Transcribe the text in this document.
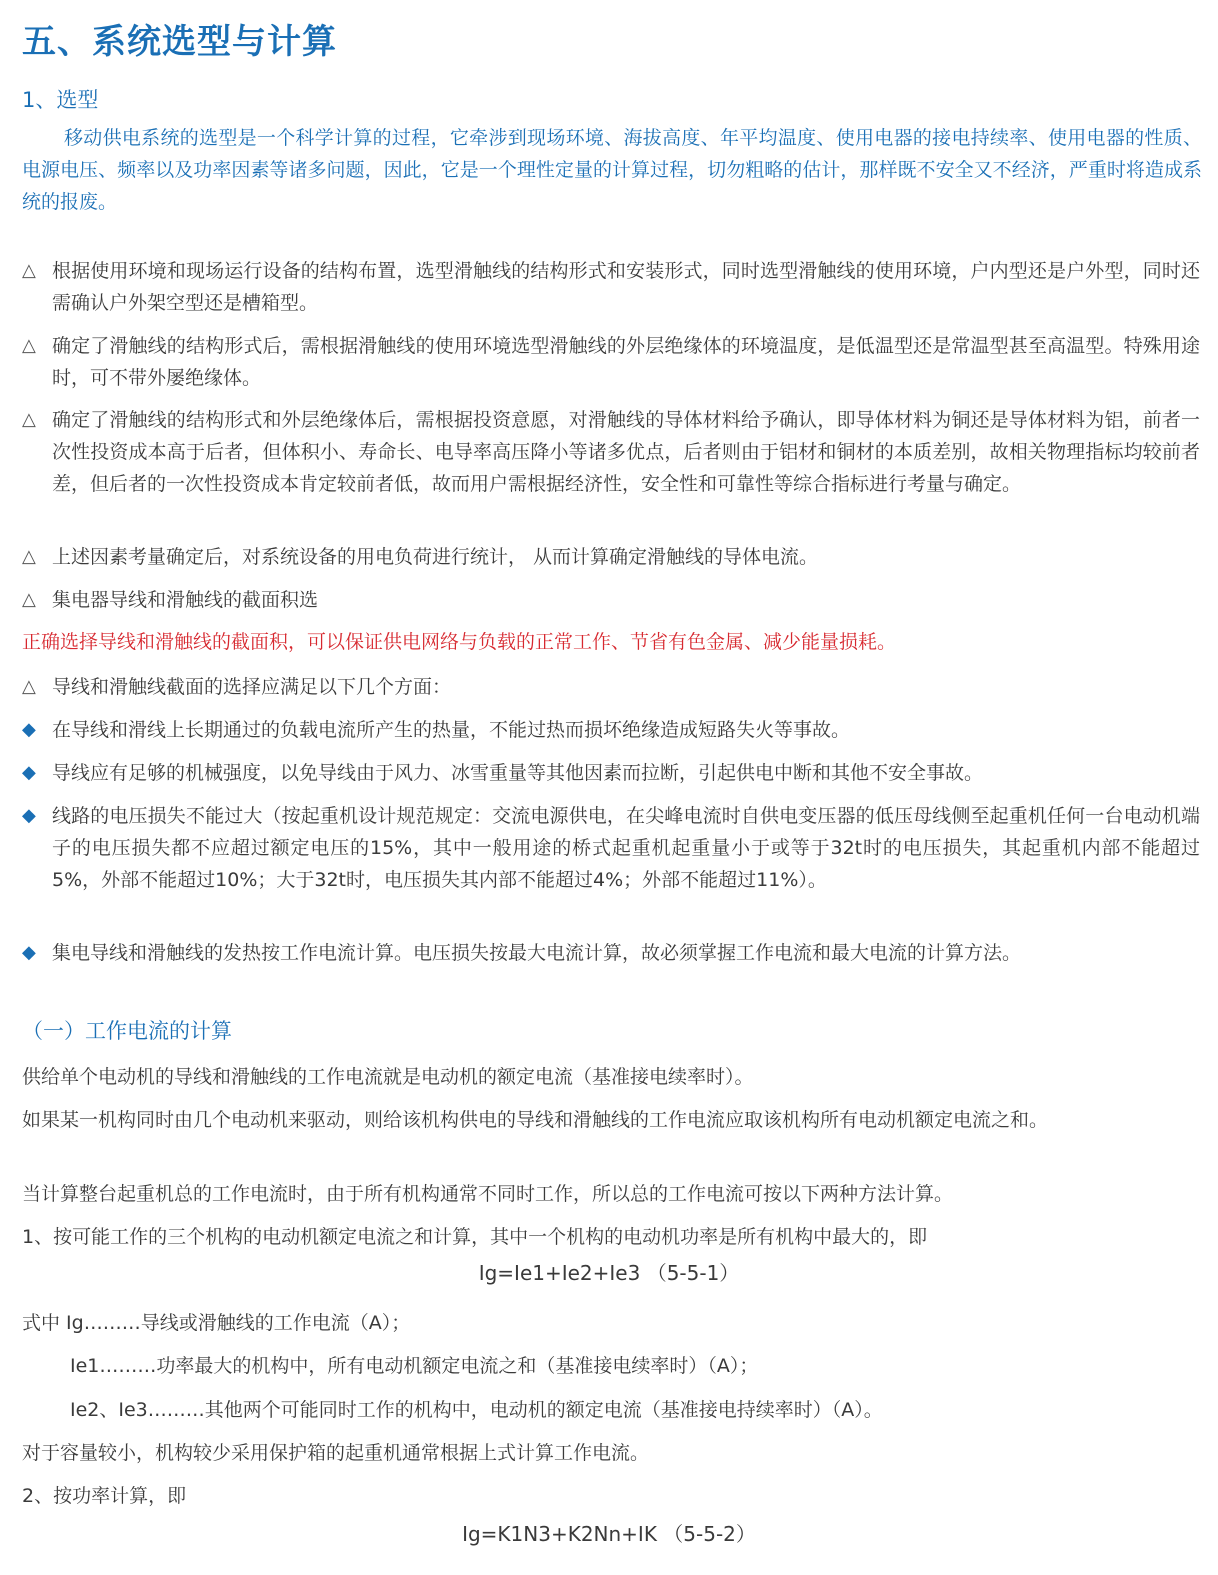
五、系统选型与计算
1、选型

移动供电系统的选型是一个科学计算的过程，它牵涉到现场环境、海拔高度、年平均温度、使用电器的接电持续率、使用电器的性质、电源电压、频率以及功率因素等诸多问题，因此，它是一个理性定量的计算过程，切勿粗略的估计，那样既不安全又不经济，严重时将造成系统的报废。

△ 根据使用环境和现场运行设备的结构布置，选型滑触线的结构形式和安装形式，同时选型滑触线的使用环境，户内型还是户外型，同时还需确认户外架空型还是槽箱型。
△ 确定了滑触线的结构形式后，需根据滑触线的使用环境选型滑触线的外层绝缘体的环境温度，是低温型还是常温型甚至高温型。特殊用途时，可不带外屡绝缘体。
△ 确定了滑触线的结构形式和外层绝缘体后，需根据投资意愿，对滑触线的导体材料给予确认，即导体材料为铜还是导体材料为铝，前者一次性投资成本高于后者，但体积小、寿命长、电导率高压降小等诸多优点，后者则由于铝材和铜材的本质差别，故相关物理指标均较前者差，但后者的一次性投资成本肯定较前者低，故而用户需根据经济性，安全性和可靠性等综合指标进行考量与确定。
△ 上述因素考量确定后，对系统设备的用电负荷进行统计， 从而计算确定滑触线的导体电流。
△ 集电器导线和滑触线的截面积选

正确选择导线和滑触线的截面积，可以保证供电网络与负载的正常工作、节省有色金属、减少能量损耗。

△ 导线和滑触线截面的选择应满足以下几个方面：
◆ 在导线和滑线上长期通过的负载电流所产生的热量，不能过热而损坏绝缘造成短路失火等事故。
◆ 导线应有足够的机械强度，以免导线由于风力、冰雪重量等其他因素而拉断，引起供电中断和其他不安全事故。
◆ 线路的电压损失不能过大（按起重机设计规范规定：交流电源供电，在尖峰电流时自供电变压器的低压母线侧至起重机任何一台电动机端子的电压损失都不应超过额定电压的15%，其中一般用途的桥式起重机起重量小于或等于32t时的电压损失，其起重机内部不能超过5%，外部不能超过10%；大于32t时，电压损失其内部不能超过4%；外部不能超过11%）。
◆ 集电导线和滑触线的发热按工作电流计算。电压损失按最大电流计算，故必须掌握工作电流和最大电流的计算方法。
（一）工作电流的计算

供给单个电动机的导线和滑触线的工作电流就是电动机的额定电流（基准接电续率时）。

如果某一机构同时由几个电动机来驱动，则给该机构供电的导线和滑触线的工作电流应取该机构所有电动机额定电流之和。

当计算整台起重机总的工作电流时，由于所有机构通常不同时工作，所以总的工作电流可按以下两种方法计算。

1、按可能工作的三个机构的电动机额定电流之和计算，其中一个机构的电动机功率是所有机构中最大的，即

Ig=Ie1+Ie2+Ie3 （5-5-1）

式中 Ig………导线或滑触线的工作电流（A）；

Ie1………功率最大的机构中，所有电动机额定电流之和（基准接电续率时）（A）；
Ie2、Ie3………其他两个可能同时工作的机构中，电动机的额定电流（基准接电持续率时）（A）。

对于容量较小，机构较少采用保护箱的起重机通常根据上式计算工作电流。

2、按功率计算，即

Ig=K1N3+K2Nn+IK （5-5-2）
